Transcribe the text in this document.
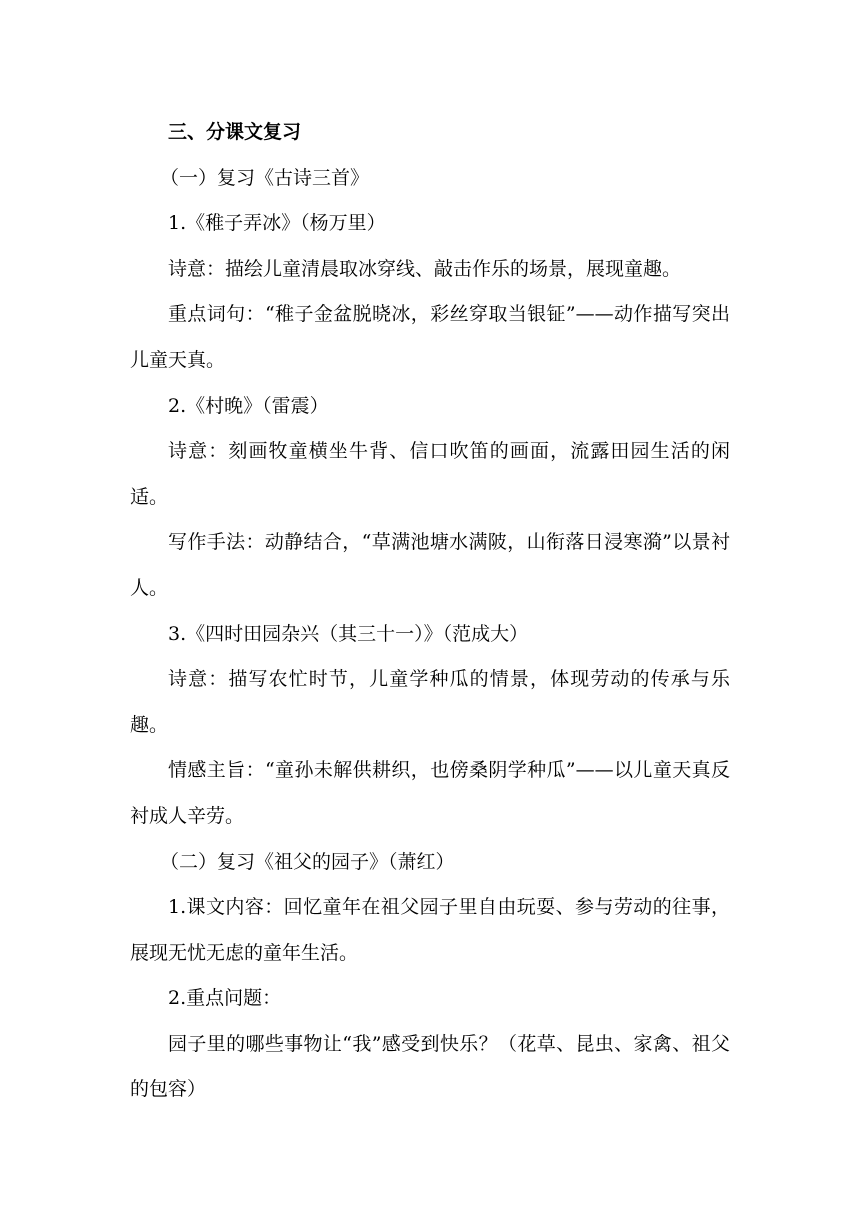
三、分课文复习

（一）复习《古诗三首》

1.《稚子弄冰》（杨万里）

诗意：描绘儿童清晨取冰穿线、敲击作乐的场景，展现童趣。

重点词句：“稚子金盆脱晓冰，彩丝穿取当银钲”——动作描写突出儿童天真。

2.《村晚》（雷震）

诗意：刻画牧童横坐牛背、信口吹笛的画面，流露田园生活的闲适。

写作手法：动静结合，“草满池塘水满陂，山衔落日浸寒漪”以景衬人。

3.《四时田园杂兴（其三十一）》（范成大）

诗意：描写农忙时节，儿童学种瓜的情景，体现劳动的传承与乐趣。

情感主旨：“童孙未解供耕织，也傍桑阴学种瓜”——以儿童天真反衬成人辛劳。

（二）复习《祖父的园子》（萧红）

1.课文内容：回忆童年在祖父园子里自由玩耍、参与劳动的往事，展现无忧无虑的童年生活。

2.重点问题：

园子里的哪些事物让“我”感受到快乐？（花草、昆虫、家禽、祖父的包容）
